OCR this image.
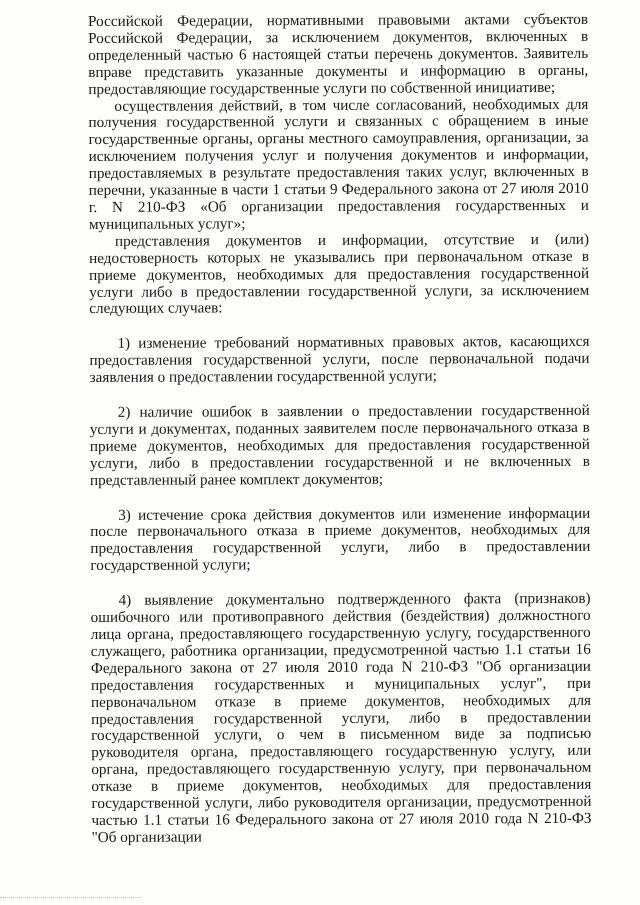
Российской Федерации, нормативными правовыми актами субъектов Российской Федерации, за исключением документов, включенных в определенный частью 6 настоящей статьи перечень документов. Заявитель вправе представить указанные документы и информацию в органы, предоставляющие государственные услуги по собственной инициативе;

осуществления действий, в том числе согласований, необходимых для получения государственной услуги и связанных с обращением в иные государственные органы, органы местного самоуправления, организации, за исключением получения услуг и получения документов и информации, предоставляемых в результате предоставления таких услуг, включенных в перечни, указанные в части 1 статьи 9 Федерального закона от 27 июля 2010 г. N 210-ФЗ «Об организации предоставления государственных и муниципальных услуг»;

представления документов и информации, отсутствие и (или) недостоверность которых не указывались при первоначальном отказе в приеме документов, необходимых для предоставления государственной услуги либо в предоставлении государственной услуги, за исключением следующих случаев:

1) изменение требований нормативных правовых актов, касающихся предоставления государственной услуги, после первоначальной подачи заявления о предоставлении государственной услуги;

2) наличие ошибок в заявлении о предоставлении государственной услуги и документах, поданных заявителем после первоначального отказа в приеме документов, необходимых для предоставления государственной услуги, либо в предоставлении государственной и не включенных в представленный ранее комплект документов;

3) истечение срока действия документов или изменение информации после первоначального отказа в приеме документов, необходимых для предоставления государственной услуги, либо в предоставлении государственной услуги;

4) выявление документально подтвержденного факта (признаков) ошибочного или противоправного действия (бездействия) должностного лица органа, предоставляющего государственную услугу, государственного служащего, работника организации, предусмотренной частью 1.1 статьи 16 Федерального закона от 27 июля 2010 года N 210-ФЗ "Об организации предоставления государственных и муниципальных услуг", при первоначальном отказе в приеме документов, необходимых для предоставления государственной услуги, либо в предоставлении государственной услуги, о чем в письменном виде за подписью руководителя органа, предоставляющего государственную услугу, или органа, предоставляющего государственную услугу, при первоначальном отказе в приеме документов, необходимых для предоставления государственной услуги, либо руководителя организации, предусмотренной частью 1.1 статьи 16 Федерального закона от 27 июля 2010 года N 210-ФЗ "Об организации
